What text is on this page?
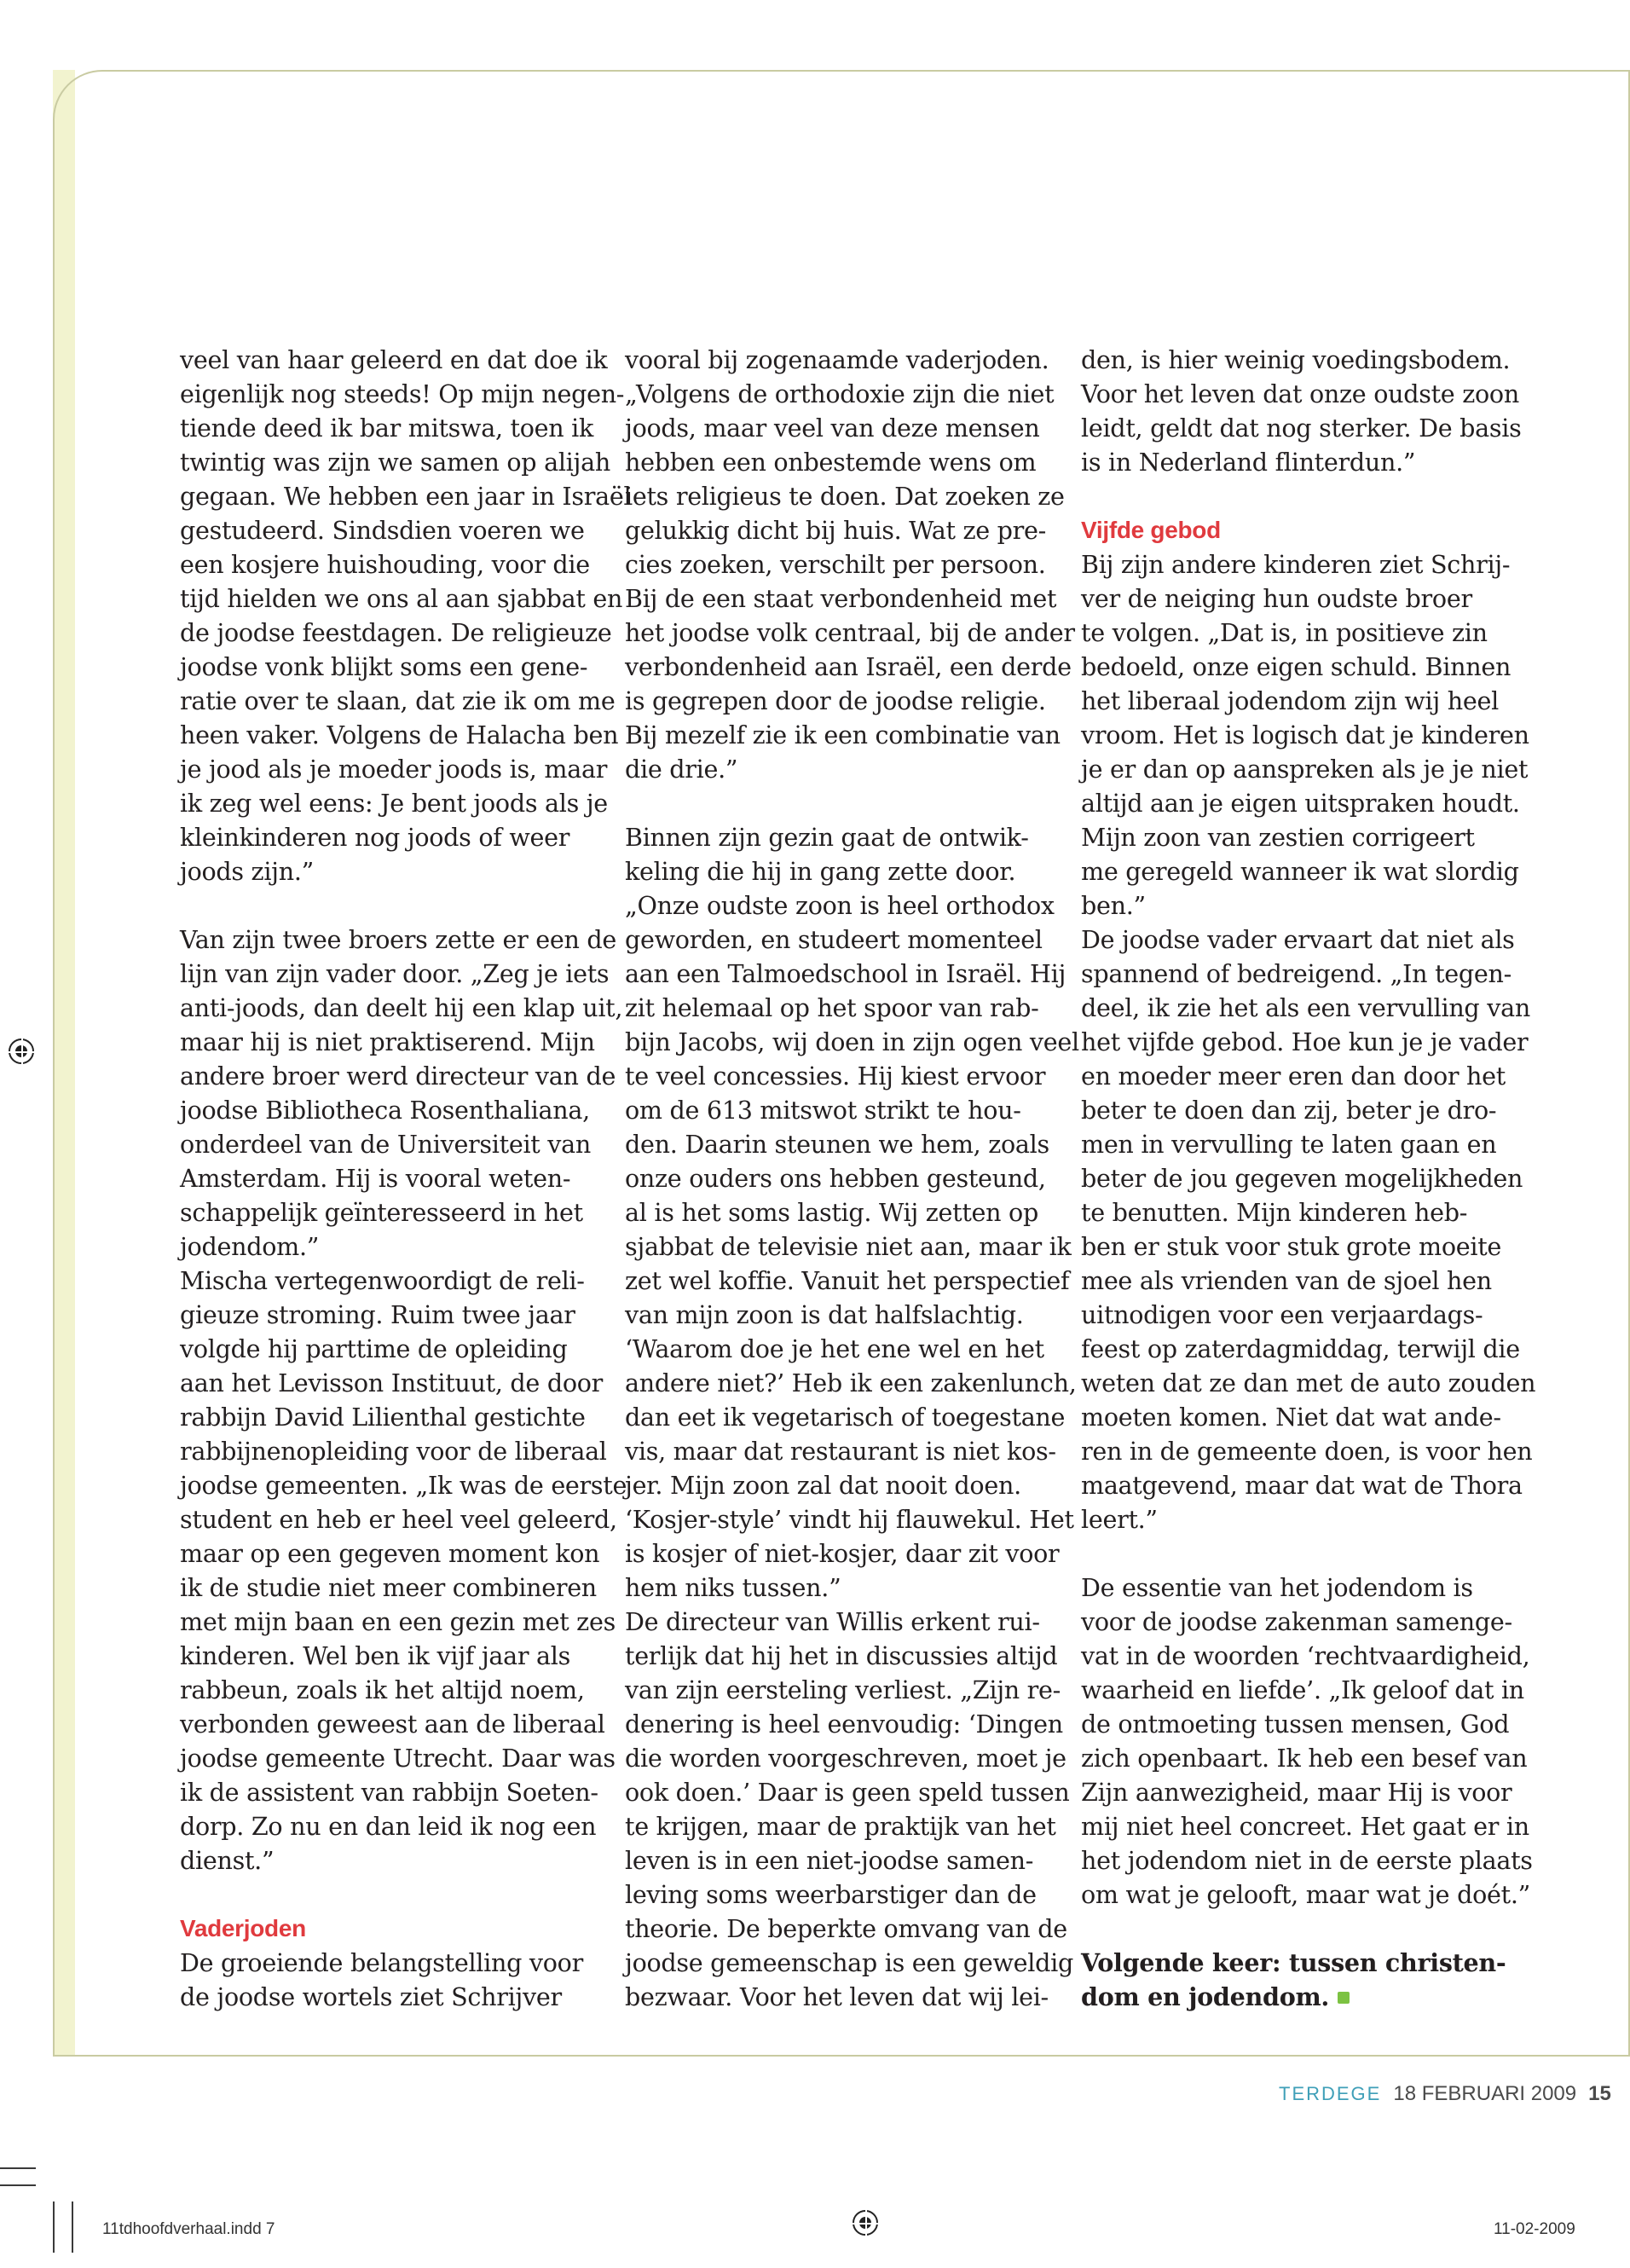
veel van haar geleerd en dat doe ik
eigenlijk nog steeds! Op mijn negen-
tiende deed ik bar mitswa, toen ik
twintig was zijn we samen op alijah
gegaan. We hebben een jaar in Israël
gestudeerd. Sindsdien voeren we
een kosjere huishouding, voor die
tijd hielden we ons al aan sjabbat en
de joodse feestdagen. De religieuze
joodse vonk blijkt soms een gene-
ratie over te slaan, dat zie ik om me
heen vaker. Volgens de Halacha ben
je jood als je moeder joods is, maar
ik zeg wel eens: Je bent joods als je
kleinkinderen nog joods of weer
joods zijn.”
Van zijn twee broers zette er een de
lijn van zijn vader door. „Zeg je iets
anti-joods, dan deelt hij een klap uit,
maar hij is niet praktiserend. Mijn
andere broer werd directeur van de
joodse Bibliotheca Rosenthaliana,
onderdeel van de Universiteit van
Amsterdam. Hij is vooral weten-
schappelijk geïnteresseerd in het
jodendom.”
Mischa vertegenwoordigt de reli-
gieuze stroming. Ruim twee jaar
volgde hij parttime de opleiding
aan het Levisson Instituut, de door
rabbijn David Lilienthal gestichte
rabbijnenopleiding voor de liberaal
joodse gemeenten. „Ik was de eerste
student en heb er heel veel geleerd,
maar op een gegeven moment kon
ik de studie niet meer combineren
met mijn baan en een gezin met zes
kinderen. Wel ben ik vijf jaar als
rabbeun, zoals ik het altijd noem,
verbonden geweest aan de liberaal
joodse gemeente Utrecht. Daar was
ik de assistent van rabbijn Soeten-
dorp. Zo nu en dan leid ik nog een
dienst.”
Vaderjoden
De groeiende belangstelling voor
de joodse wortels ziet Schrijver
vooral bij zogenaamde vaderjoden.
„Volgens de orthodoxie zijn die niet
joods, maar veel van deze mensen
hebben een onbestemde wens om
iets religieus te doen. Dat zoeken ze
gelukkig dicht bij huis. Wat ze pre-
cies zoeken, verschilt per persoon.
Bij de een staat verbondenheid met
het joodse volk centraal, bij de ander
verbondenheid aan Israël, een derde
is gegrepen door de joodse religie.
Bij mezelf zie ik een combinatie van
die drie.”
Binnen zijn gezin gaat de ontwik-
keling die hij in gang zette door.
„Onze oudste zoon is heel orthodox
geworden, en studeert momenteel
aan een Talmoedschool in Israël. Hij
zit helemaal op het spoor van rab-
bijn Jacobs, wij doen in zijn ogen veel
te veel concessies. Hij kiest ervoor
om de 613 mitswot strikt te hou-
den. Daarin steunen we hem, zoals
onze ouders ons hebben gesteund,
al is het soms lastig. Wij zetten op
sjabbat de televisie niet aan, maar ik
zet wel koffie. Vanuit het perspectief
van mijn zoon is dat halfslachtig.
‘Waarom doe je het ene wel en het
andere niet?’ Heb ik een zakenlunch,
dan eet ik vegetarisch of toegestane
vis, maar dat restaurant is niet kos-
jer. Mijn zoon zal dat nooit doen.
‘Kosjer-style’ vindt hij flauwekul. Het
is kosjer of niet-kosjer, daar zit voor
hem niks tussen.”
De directeur van Willis erkent rui-
terlijk dat hij het in discussies altijd
van zijn eersteling verliest. „Zijn re-
denering is heel eenvoudig: ‘Dingen
die worden voorgeschreven, moet je
ook doen.’ Daar is geen speld tussen
te krijgen, maar de praktijk van het
leven is in een niet-joodse samen-
leving soms weerbarstiger dan de
theorie. De beperkte omvang van de
joodse gemeenschap is een geweldig
bezwaar. Voor het leven dat wij lei-
den, is hier weinig voedingsbodem.
Voor het leven dat onze oudste zoon
leidt, geldt dat nog sterker. De basis
is in Nederland flinterdun.”
Vijfde gebod
Bij zijn andere kinderen ziet Schrij-
ver de neiging hun oudste broer
te volgen. „Dat is, in positieve zin
bedoeld, onze eigen schuld. Binnen
het liberaal jodendom zijn wij heel
vroom. Het is logisch dat je kinderen
je er dan op aanspreken als je je niet
altijd aan je eigen uitspraken houdt.
Mijn zoon van zestien corrigeert
me geregeld wanneer ik wat slordig
ben.”
De joodse vader ervaart dat niet als
spannend of bedreigend. „In tegen-
deel, ik zie het als een vervulling van
het vijfde gebod. Hoe kun je je vader
en moeder meer eren dan door het
beter te doen dan zij, beter je dro-
men in vervulling te laten gaan en
beter de jou gegeven mogelijkheden
te benutten. Mijn kinderen heb-
ben er stuk voor stuk grote moeite
mee als vrienden van de sjoel hen
uitnodigen voor een verjaardags-
feest op zaterdagmiddag, terwijl die
weten dat ze dan met de auto zouden
moeten komen. Niet dat wat ande-
ren in de gemeente doen, is voor hen
maatgevend, maar dat wat de Thora
leert.”
De essentie van het jodendom is
voor de joodse zakenman samenge-
vat in de woorden ‘rechtvaardigheid,
waarheid en liefde’. „Ik geloof dat in
de ontmoeting tussen mensen, God
zich openbaart. Ik heb een besef van
Zijn aanwezigheid, maar Hij is voor
mij niet heel concreet. Het gaat er in
het jodendom niet in de eerste plaats
om wat je gelooft, maar wat je doét.”
Volgende keer: tussen christen-
dom en jodendom.
TERDEGE 18 FEBRUARI 2009 15
11tdhoofdverhaal.indd 7	11-02-2009
